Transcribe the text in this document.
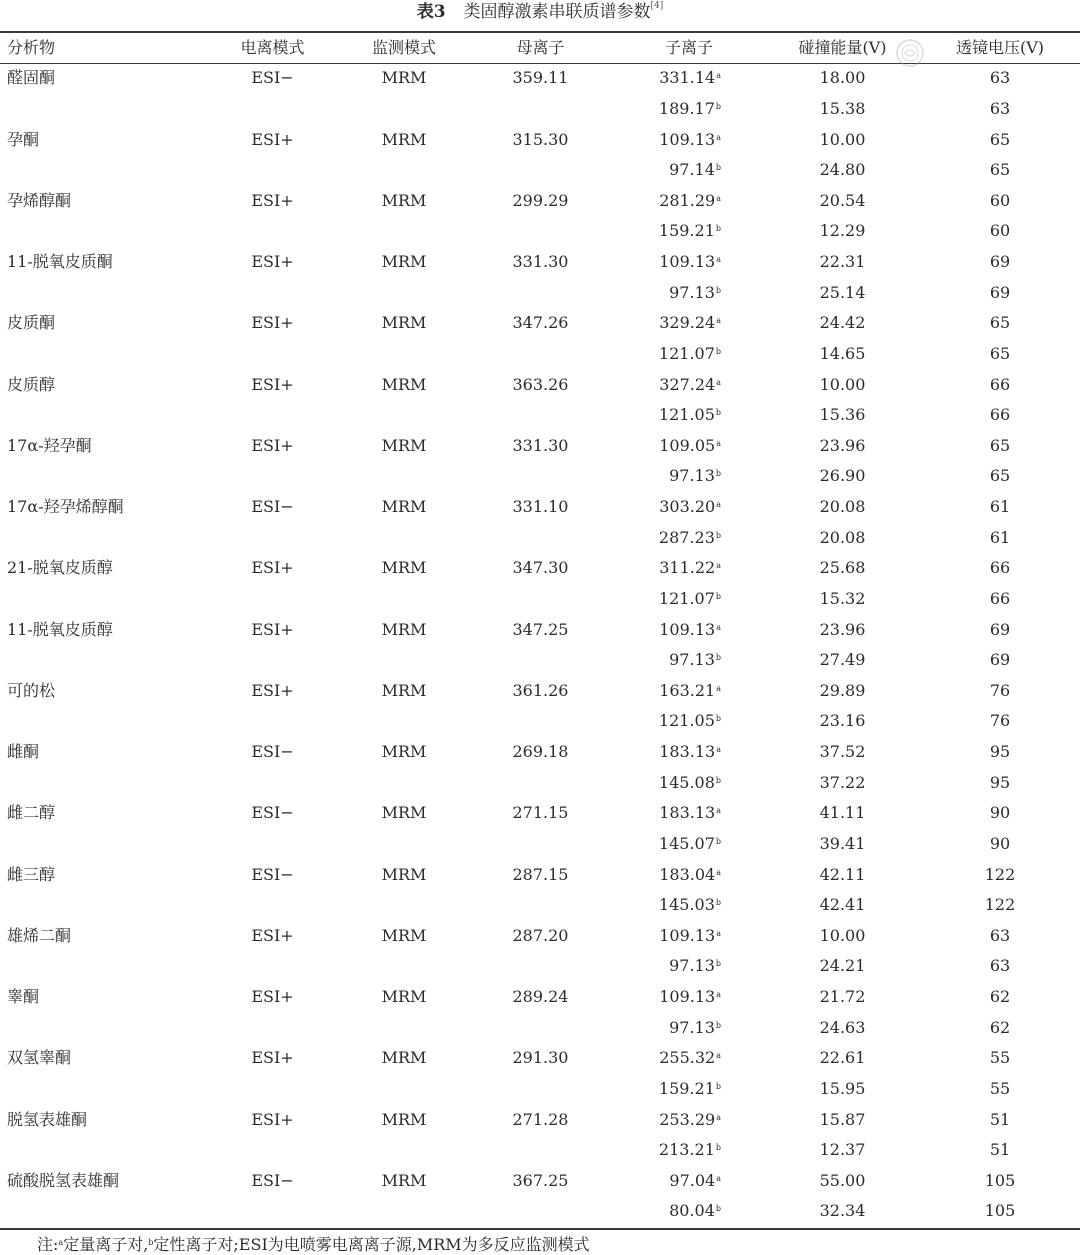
表3 类固醇激素串联质谱参数[4]
分析物	电离模式	监测模式	母离子	子离子	碰撞能量(V)	透镜电压(V)
醛固酮	ESI−	MRM	359.11	331.14$^a$	18.00	63
				189.17$^b$	15.38	63
孕酮	ESI+	MRM	315.30	109.13$^a$	10.00	65
				97.14$^b$	24.80	65
孕烯醇酮	ESI+	MRM	299.29	281.29$^a$	20.54	60
				159.21$^b$	12.29	60
11-脱氧皮质酮	ESI+	MRM	331.30	109.13$^a$	22.31	69
				97.13$^b$	25.14	69
皮质酮	ESI+	MRM	347.26	329.24$^a$	24.42	65
				121.07$^b$	14.65	65
皮质醇	ESI+	MRM	363.26	327.24$^a$	10.00	66
				121.05$^b$	15.36	66
17α-羟孕酮	ESI+	MRM	331.30	109.05$^a$	23.96	65
				97.13$^b$	26.90	65
17α-羟孕烯醇酮	ESI−	MRM	331.10	303.20$^a$	20.08	61
				287.23$^b$	20.08	61
21-脱氧皮质醇	ESI+	MRM	347.30	311.22$^a$	25.68	66
				121.07$^b$	15.32	66
11-脱氧皮质醇	ESI+	MRM	347.25	109.13$^a$	23.96	69
				97.13$^b$	27.49	69
可的松	ESI+	MRM	361.26	163.21$^a$	29.89	76
				121.05$^b$	23.16	76
雌酮	ESI−	MRM	269.18	183.13$^a$	37.52	95
				145.08$^b$	37.22	95
雌二醇	ESI−	MRM	271.15	183.13$^a$	41.11	90
				145.07$^b$	39.41	90
雌三醇	ESI−	MRM	287.15	183.04$^a$	42.11	122
				145.03$^b$	42.41	122
雄烯二酮	ESI+	MRM	287.20	109.13$^a$	10.00	63
				97.13$^b$	24.21	63
睾酮	ESI+	MRM	289.24	109.13$^a$	21.72	62
				97.13$^b$	24.63	62
双氢睾酮	ESI+	MRM	291.30	255.32$^a$	22.61	55
				159.21$^b$	15.95	55
脱氢表雄酮	ESI+	MRM	271.28	253.29$^a$	15.87	51
				213.21$^b$	12.37	51
硫酸脱氢表雄酮	ESI−	MRM	367.25	97.04$^a$	55.00	105
				80.04$^b$	32.34	105
注:$^a$定量离子对,$^b$定性离子对;ESI为电喷雾电离离子源,MRM为多反应监测模式
